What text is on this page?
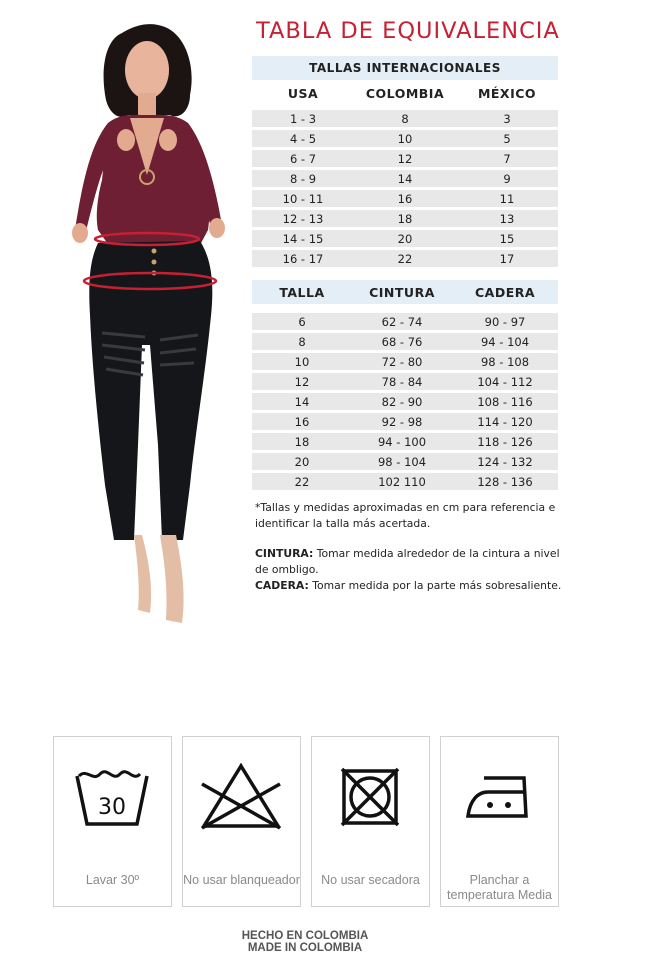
TABLA DE EQUIVALENCIA
TALLAS INTERNACIONALES
USA	COLOMBIA	MÉXICO
1 - 3	8	3
4 - 5	10	5
6 - 7	12	7
8 - 9	14	9
10 - 11	16	11
12 - 13	18	13
14 - 15	20	15
16 - 17	22	17
TALLA	CINTURA	CADERA
6	62 - 74	90 - 97
8	68 - 76	94 - 104
10	72 - 80	98 - 108
12	78 - 84	104 - 112
14	82 - 90	108 - 116
16	92 - 98	114 - 120
18	94 - 100	118 - 126
20	98 - 104	124 - 132
22	102 110	128 - 136
*Tallas y medidas aproximadas en cm para referencia e identificar la talla más acertada.
CINTURA: Tomar medida alrededor de la cintura a nivel de ombligo.
CADERA: Tomar medida por la parte más sobresaliente.
30
Lavar 30º	No usar blanqueador	No usar secadora	Planchar a temperatura Media
HECHO EN COLOMBIA
MADE IN COLOMBIA
